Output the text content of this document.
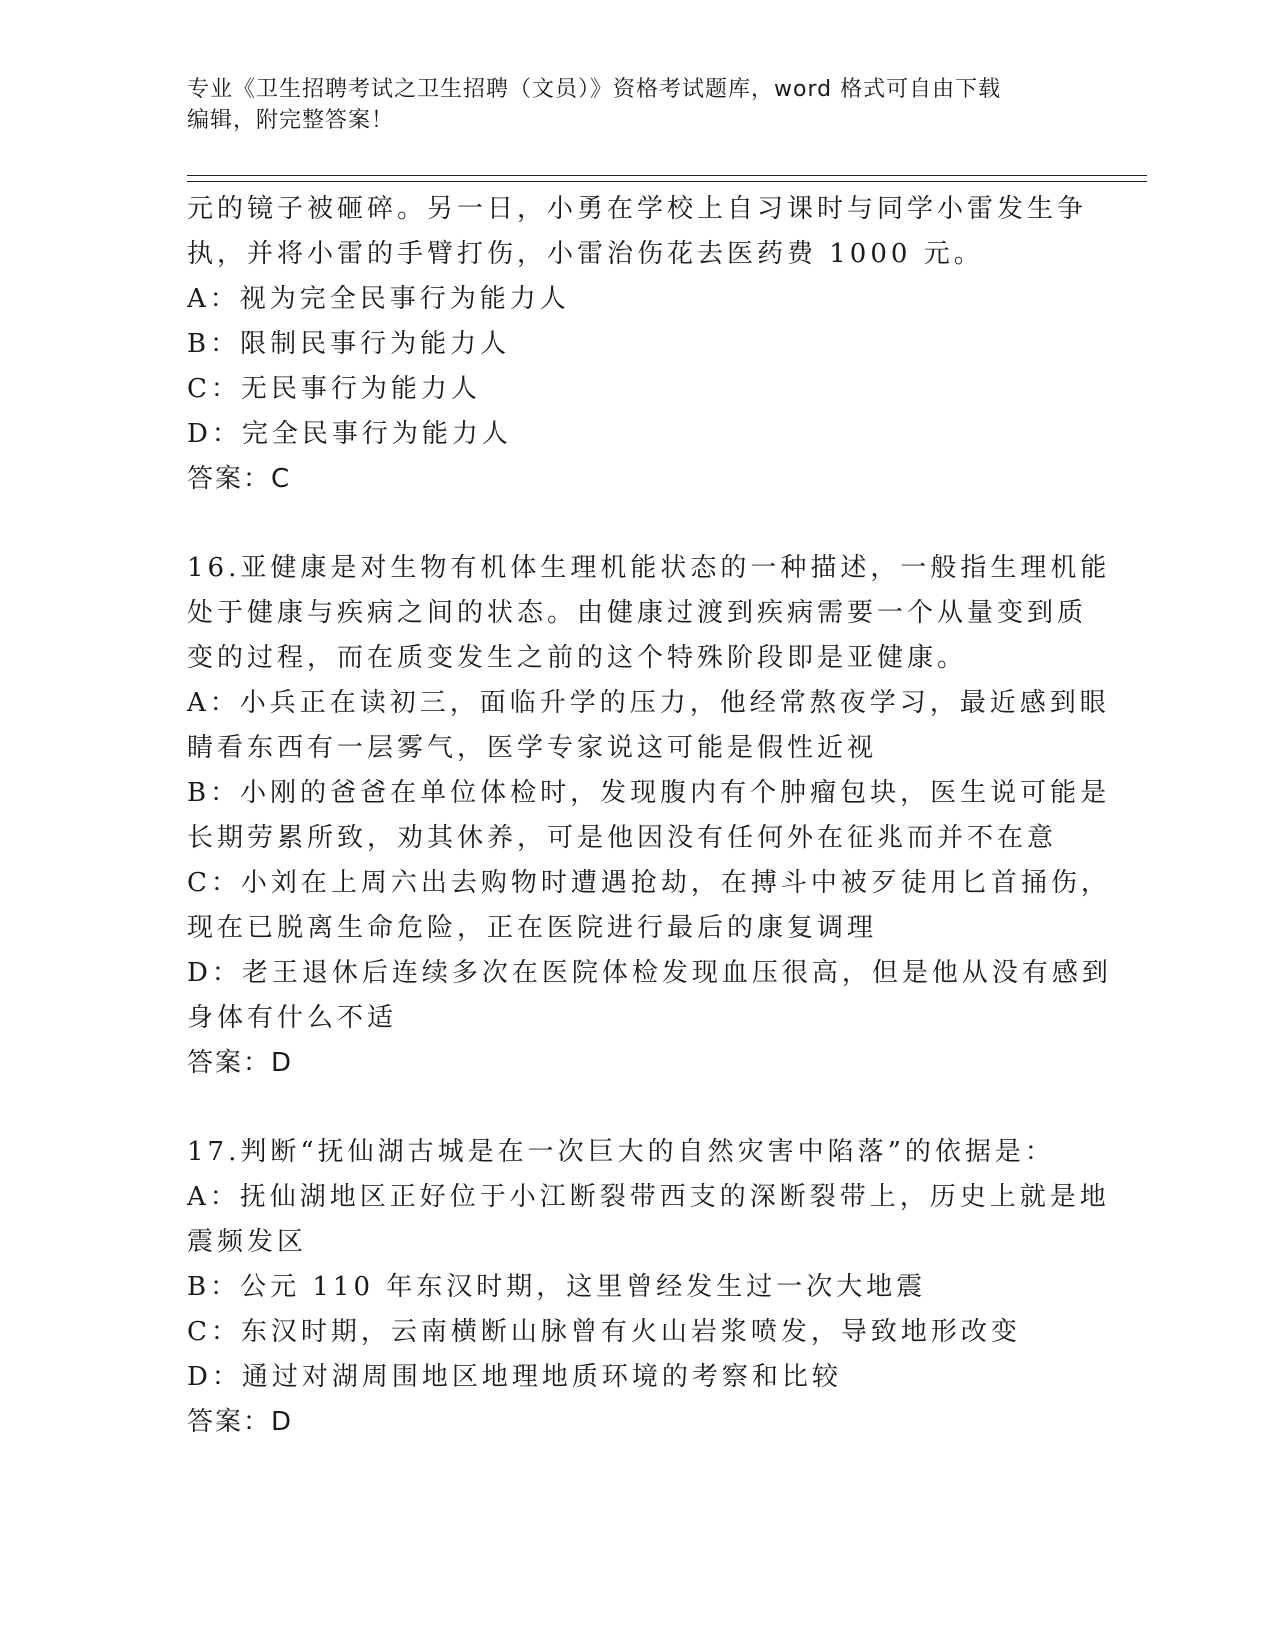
专业《卫生招聘考试之卫生招聘（文员）》资格考试题库，word 格式可自由下载
编辑，附完整答案！
元的镜子被砸碎。另一日，小勇在学校上自习课时与同学小雷发生争
执，并将小雷的手臂打伤，小雷治伤花去医药费 1000 元。
A：视为完全民事行为能力人
B：限制民事行为能力人
C：无民事行为能力人
D：完全民事行为能力人
答案：C
16.亚健康是对生物有机体生理机能状态的一种描述，一般指生理机能
处于健康与疾病之间的状态。由健康过渡到疾病需要一个从量变到质
变的过程，而在质变发生之前的这个特殊阶段即是亚健康。
A：小兵正在读初三，面临升学的压力，他经常熬夜学习，最近感到眼
睛看东西有一层雾气，医学专家说这可能是假性近视
B：小刚的爸爸在单位体检时，发现腹内有个肿瘤包块，医生说可能是
长期劳累所致，劝其休养，可是他因没有任何外在征兆而并不在意
C：小刘在上周六出去购物时遭遇抢劫，在搏斗中被歹徒用匕首捅伤，
现在已脱离生命危险，正在医院进行最后的康复调理
D：老王退休后连续多次在医院体检发现血压很高，但是他从没有感到
身体有什么不适
答案：D
17.判断“抚仙湖古城是在一次巨大的自然灾害中陷落”的依据是：
A：抚仙湖地区正好位于小江断裂带西支的深断裂带上，历史上就是地
震频发区
B：公元 110 年东汉时期，这里曾经发生过一次大地震
C：东汉时期，云南横断山脉曾有火山岩浆喷发，导致地形改变
D：通过对湖周围地区地理地质环境的考察和比较
答案：D
